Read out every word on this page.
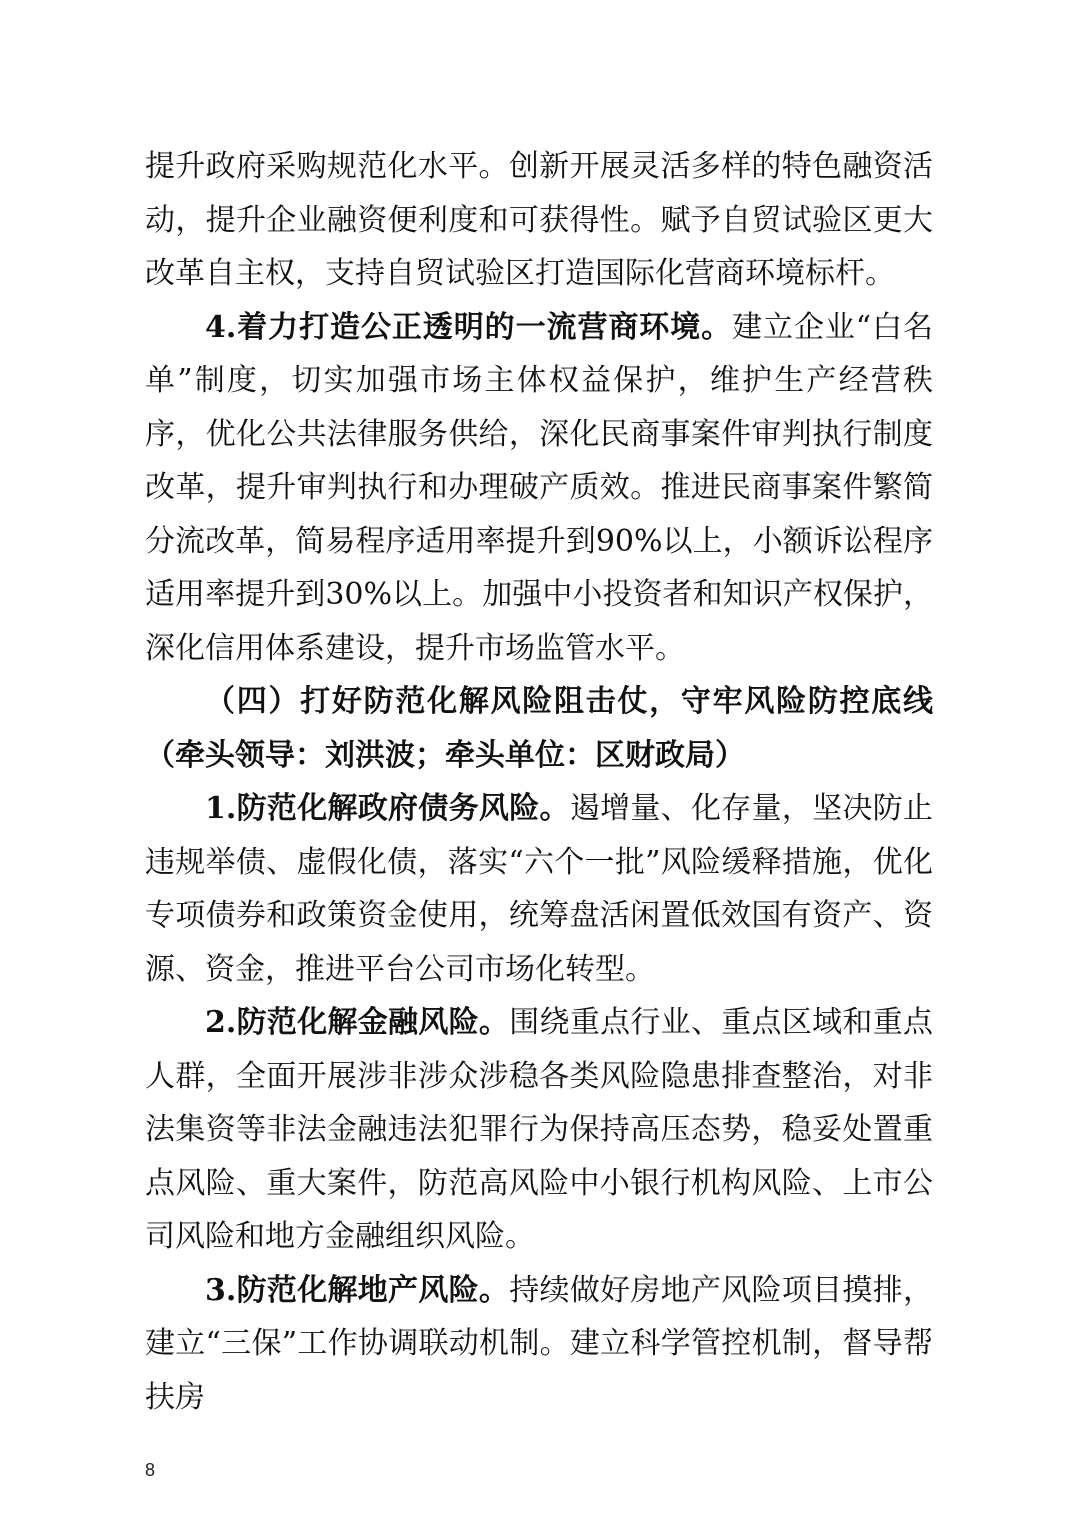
提升政府采购规范化水平。创新开展灵活多样的特色融资活动，提升企业融资便利度和可获得性。赋予自贸试验区更大改革自主权，支持自贸试验区打造国际化营商环境标杆。

4.着力打造公正透明的一流营商环境。建立企业“白名单”制度，切实加强市场主体权益保护，维护生产经营秩序，优化公共法律服务供给，深化民商事案件审判执行制度改革，提升审判执行和办理破产质效。推进民商事案件繁简分流改革，简易程序适用率提升到90%以上，小额诉讼程序适用率提升到30%以上。加强中小投资者和知识产权保护，深化信用体系建设，提升市场监管水平。

（四）打好防范化解风险阻击仗，守牢风险防控底线（牵头领导：刘洪波；牵头单位：区财政局）

1.防范化解政府债务风险。遏增量、化存量，坚决防止违规举债、虚假化债，落实“六个一批”风险缓释措施，优化专项债券和政策资金使用，统筹盘活闲置低效国有资产、资源、资金，推进平台公司市场化转型。

2.防范化解金融风险。围绕重点行业、重点区域和重点人群，全面开展涉非涉众涉稳各类风险隐患排查整治，对非法集资等非法金融违法犯罪行为保持高压态势，稳妥处置重点风险、重大案件，防范高风险中小银行机构风险、上市公司风险和地方金融组织风险。

3.防范化解地产风险。持续做好房地产风险项目摸排，建立“三保”工作协调联动机制。建立科学管控机制，督导帮扶房

8
